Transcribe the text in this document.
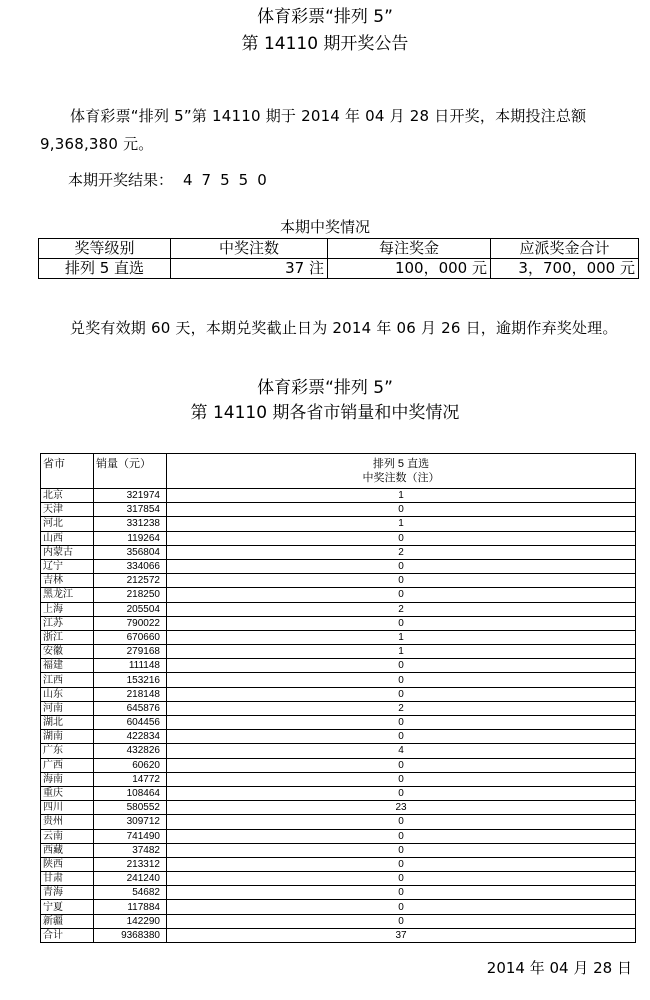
体育彩票“排列 5”
第 14110 期开奖公告
体育彩票“排列 5”第 14110 期于 2014 年 04 月 28 日开奖，本期投注总额 9,368,380 元。
本期开奖结果： 47550
本期中奖情况
奖等级别	中奖注数	每注奖金	应派奖金合计
排列 5 直选	37 注	100，000 元	3，700，000 元
兑奖有效期 60 天，本期兑奖截止日为 2014 年 06 月 26 日，逾期作弃奖处理。
体育彩票“排列 5”
第 14110 期各省市销量和中奖情况
省市	销量（元）	排列 5 直选
中奖注数（注）

北京	321974	1
天津	317854	0
河北	331238	1
山西	119264	0
内蒙古	356804	2
辽宁	334066	0
吉林	212572	0
黑龙江	218250	0
上海	205504	2
江苏	790022	0
浙江	670660	1
安徽	279168	1
福建	111148	0
江西	153216	0
山东	218148	0
河南	645876	2
湖北	604456	0
湖南	422834	0
广东	432826	4
广西	60620	0
海南	14772	0
重庆	108464	0
四川	580552	23
贵州	309712	0
云南	741490	0
西藏	37482	0
陕西	213312	0
甘肃	241240	0
青海	54682	0
宁夏	117884	0
新疆	142290	0
合计	9368380	37
2014 年 04 月 28 日
